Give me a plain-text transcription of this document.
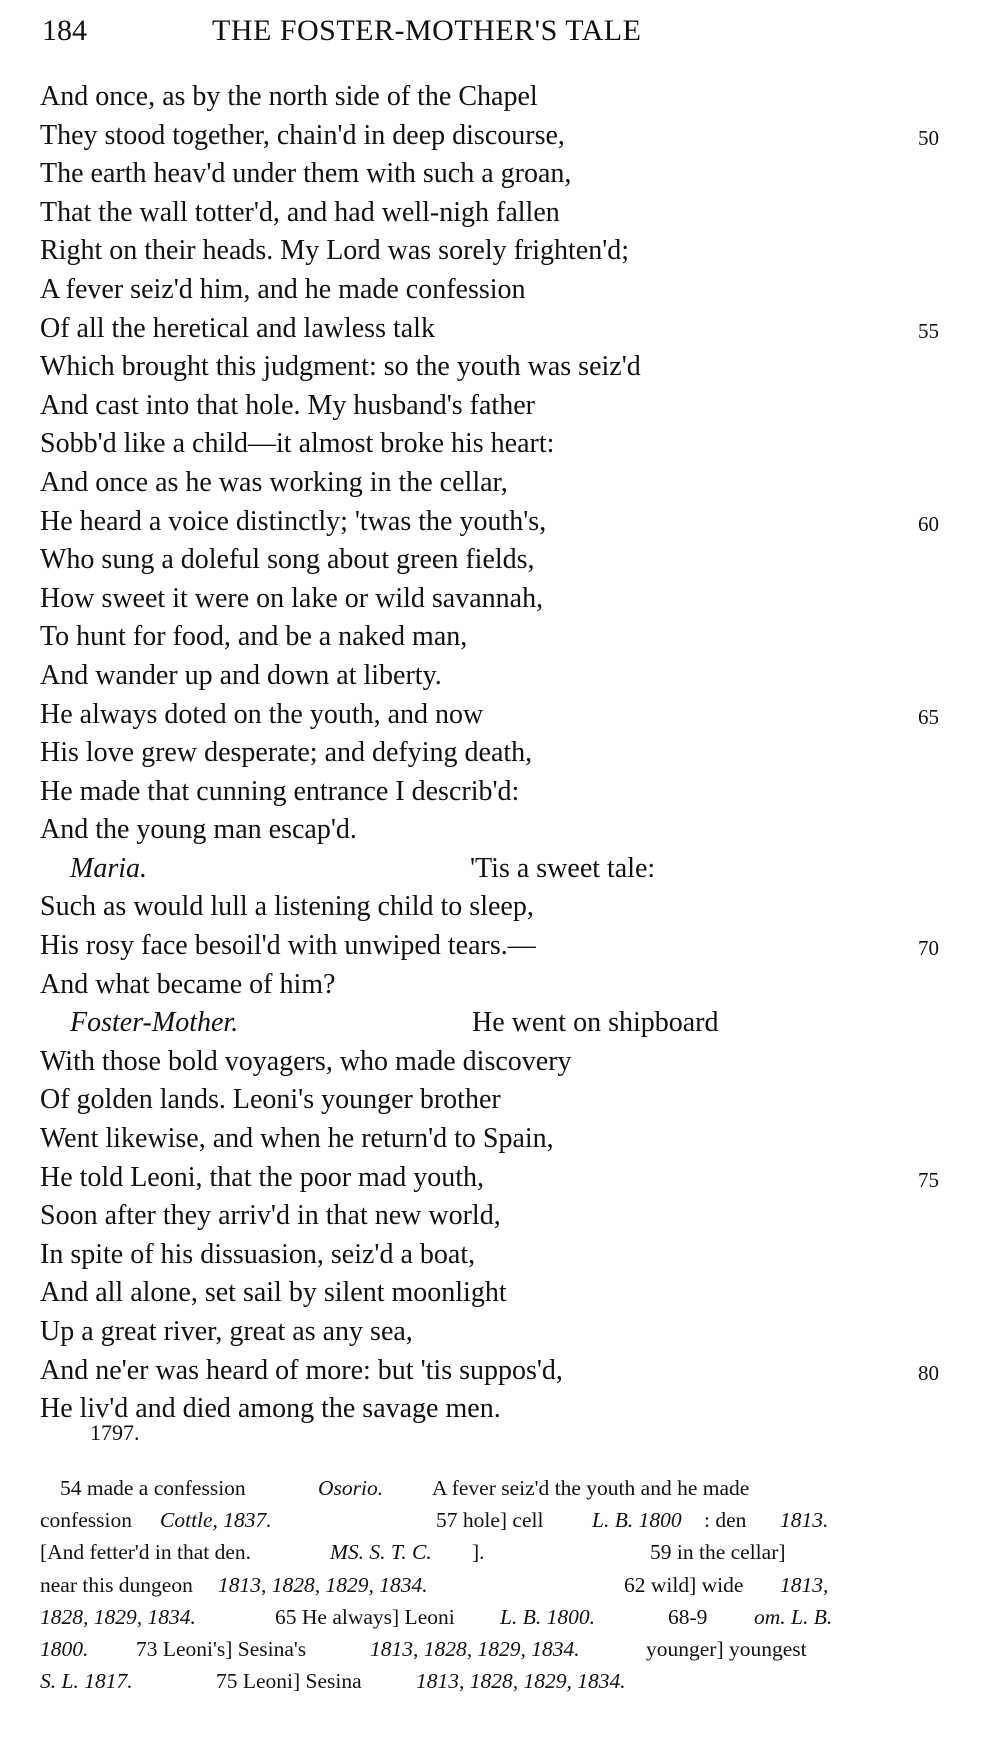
184	THE FOSTER-MOTHER'S TALE
And once, as by the north side of the Chapel
They stood together, chain'd in deep discourse,	50
The earth heav'd under them with such a groan,
That the wall totter'd, and had well-nigh fallen
Right on their heads. My Lord was sorely frighten'd;
A fever seiz'd him, and he made confession
Of all the heretical and lawless talk	55
Which brought this judgment: so the youth was seiz'd
And cast into that hole. My husband's father
Sobb'd like a child—it almost broke his heart:
And once as he was working in the cellar,
He heard a voice distinctly; 'twas the youth's,	60
Who sung a doleful song about green fields,
How sweet it were on lake or wild savannah,
To hunt for food, and be a naked man,
And wander up and down at liberty.
He always doted on the youth, and now	65
His love grew desperate; and defying death,
He made that cunning entrance I describ'd:
And the young man escap'd.
Maria.	'Tis a sweet tale:
Such as would lull a listening child to sleep,
His rosy face besoil'd with unwiped tears.—	70
And what became of him?
Foster-Mother.	He went on shipboard
With those bold voyagers, who made discovery
Of golden lands. Leoni's younger brother
Went likewise, and when he return'd to Spain,
He told Leoni, that the poor mad youth,	75
Soon after they arriv'd in that new world,
In spite of his dissuasion, seiz'd a boat,
And all alone, set sail by silent moonlight
Up a great river, great as any sea,
And ne'er was heard of more: but 'tis suppos'd,	80
He liv'd and died among the savage men.
1797.
54 made a confession	Osorio. A fever seiz'd the youth and he made
confession Cottle, 1837.	57 hole] cell L. B. 1800 : den 1813.
[And fetter'd in that den.	MS. S. T. C. ].	59 in the cellar]
near this dungeon 1813, 1828, 1829, 1834.	62 wild] wide 1813,
1828, 1829, 1834.	65 He always] Leoni L. B. 1800.	68-9 om. L. B.
1800. 73 Leoni's] Sesina's	1813, 1828, 1829, 1834.	younger] youngest
S. L. 1817.	75 Leoni] Sesina	1813, 1828, 1829, 1834.
